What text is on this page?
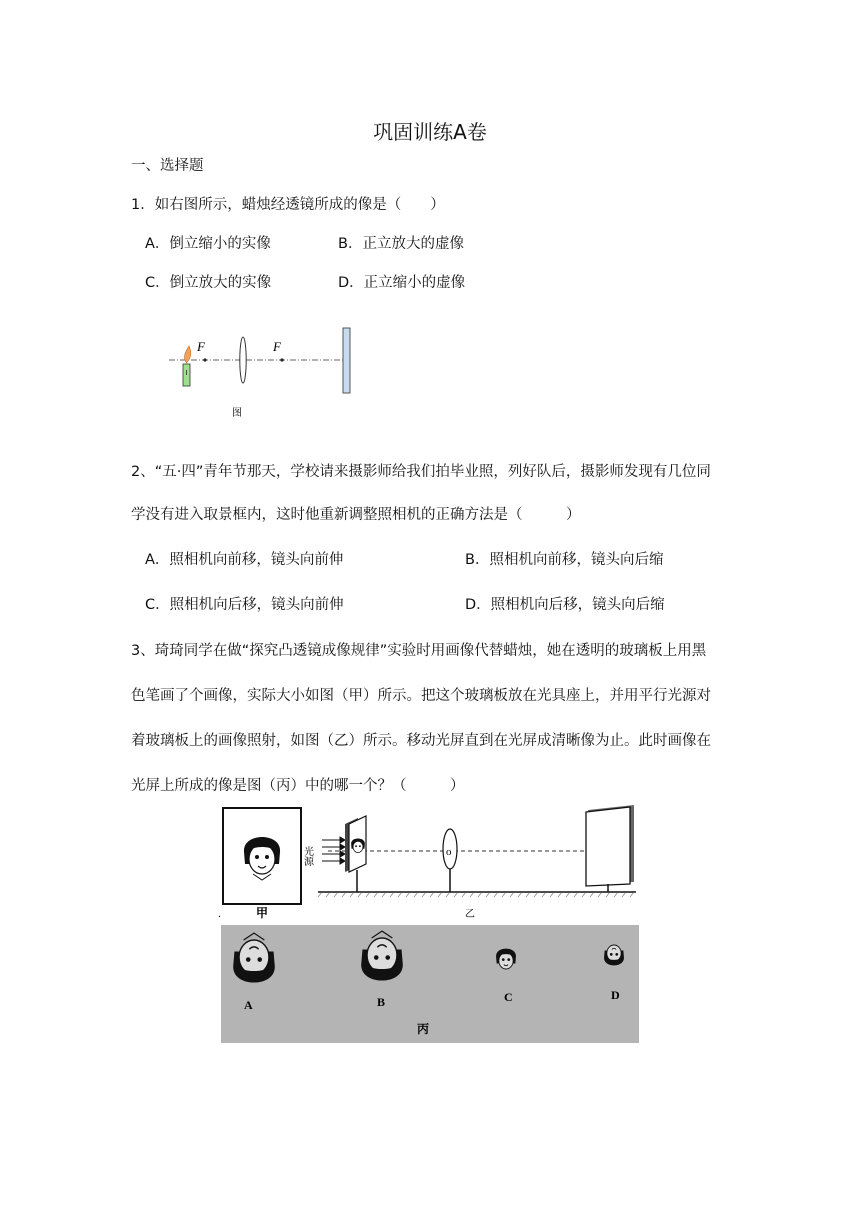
巩固训练A卷
一、选择题
1．如右图所示，蜡烛经透镜所成的像是（　　）
A．倒立缩小的实像	B．正立放大的虚像
C．倒立放大的实像	D．正立缩小的虚像
F	F
图
2、“五·四”青年节那天，学校请来摄影师给我们拍毕业照，列好队后，摄影师发现有几位同
学没有进入取景框内，这时他重新调整照相机的正确方法是（　　　）
A．照相机向前移，镜头向前伸	B．照相机向前移，镜头向后缩
C．照相机向后移，镜头向前伸	D．照相机向后移，镜头向后缩
3、琦琦同学在做“探究凸透镜成像规律”实验时用画像代替蜡烛，她在透明的玻璃板上用黑
色笔画了个画像，实际大小如图（甲）所示。把这个玻璃板放在光具座上，并用平行光源对
着玻璃板上的画像照射，如图（乙）所示。移动光屏直到在光屏成清晰像为止。此时画像在
光屏上所成的像是图（丙）中的哪一个？（　　　）
甲
.
光源	o
乙
A	B	C	D
丙
